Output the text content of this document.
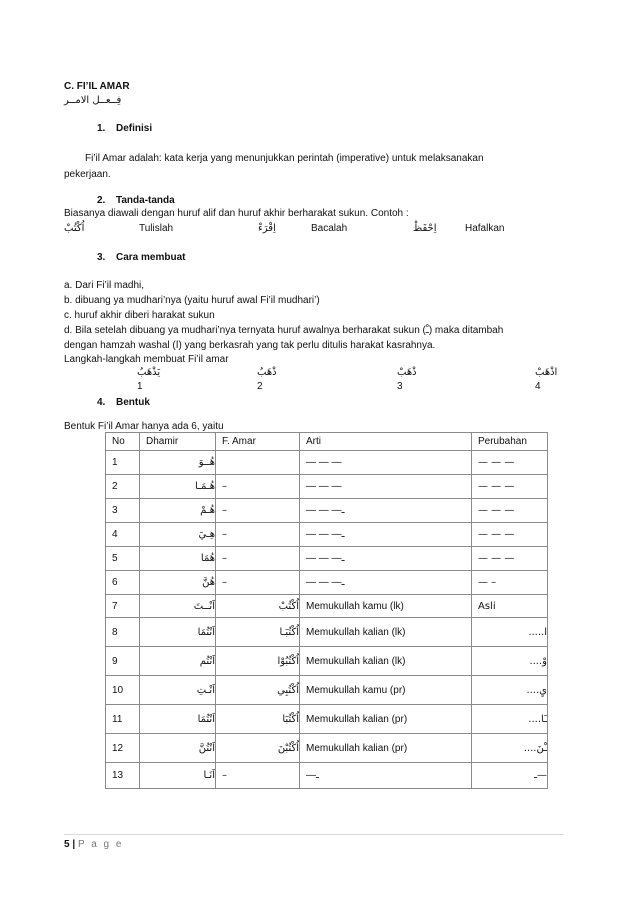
C. FI’IL AMAR
فِــعــل الامــر
1. Definisi
Fi’il Amar adalah: kata kerja yang menunjukkan perintah (imperative) untuk melaksanakan
pekerjaan.
2. Tanda-tanda
Biasanya diawali dengan huruf alif dan huruf akhir berharakat sukun. Contoh :
اُكْتُبْ	Tulislah	اِقْرَءْ	Bacalah	اِحْفَظْ	Hafalkan
3. Cara membuat
a. Dari Fi’il madhi,
b. dibuang ya mudhari’nya (yaitu huruf awal Fi’il mudhari’)
c. huruf akhir diberi harakat sukun
d. Bila setelah dibuang ya mudhari’nya ternyata huruf awalnya berharakat sukun (ـْ) maka ditambah
dengan hamzah washal (ا) yang berkasrah yang tak perlu ditulis harakat kasrahnya.
Langkah-langkah membuat Fi’il amar
يَذْهَبُ
1
ذْهَبُ
2
ذْهَبْ
3
اذْهَبْ
4
4. Bentuk
Bentuk Fi’il Amar hanya ada 6, yaitu
No	Dhamir	F. Amar	Arti	Perubahan
1	هُــوَ		— — —	— — —
2	هُـمَـا	–	— — —	— — —
3	هُـمْ	–	— — —ـ	— — —
4	هِـيَ	–	— — —ـ	— — —
5	هُمَا	–	— — —ـ	— — —
6	هُنَّ	–	— — —ـ	— –
7	اَنْــتَ	اُكْتُبْ	Memukullah kamu (lk)	Asli
8	اَنْتُمَا	اُكْتُبَـا	Memukullah kalian (lk)	ا.....
9	اَنْتُم	اُكْتُبُوْا	Memukullah kalian (lk)	وْ....
10	اَنْـتِ	اُكْتُبِي	Memukullah kamu (pr)	يِ....
11	اَنْتُمَا	اُكْتُبَا	Memukullah kalian (pr)	ـَا....
12	اَنْتُنَّ	اُكْتُبْنَ	Memukullah kalian (pr)	ـْنَ....
13	اَنَـا	–	—ـ	—ـ
5 | P a g e
